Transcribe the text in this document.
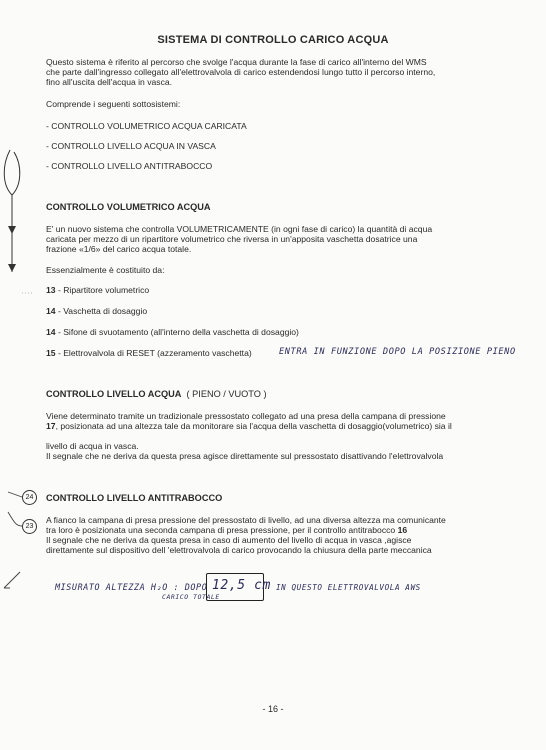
SISTEMA DI CONTROLLO CARICO ACQUA
Questo sistema è riferito al percorso che svolge l'acqua durante la fase di carico all'interno del WMS
che parte dall'ingresso collegato all'elettrovalvola di carico estendendosi lungo tutto il percorso interno,
fino all'uscita dell'acqua in vasca.
Comprende i seguenti sottosistemi:
- CONTROLLO VOLUMETRICO ACQUA CARICATA
- CONTROLLO LIVELLO ACQUA IN VASCA
- CONTROLLO LIVELLO ANTITRABOCCO
CONTROLLO VOLUMETRICO ACQUA
E' un nuovo sistema che controlla VOLUMETRICAMENTE (in ogni fase di carico) la quantità di acqua
caricata per mezzo di un ripartitore volumetrico che riversa in un'apposita vaschetta dosatrice una
frazione «1/6» del carico acqua totale.
Essenzialmente è costituito da:
13 - Ripartitore volumetrico
14 - Vaschetta di dosaggio
14 - Sifone di svuotamento (all'interno della vaschetta di dosaggio)
15 - Elettrovalvola di RESET (azzeramento vaschetta)	ENTRA IN FUNZIONE DOPO LA POSIZIONE PIENO
CONTROLLO LIVELLO ACQUA ( PIENO / VUOTO )
Viene determinato tramite un tradizionale pressostato collegato ad una presa della campana di pressione
17, posizionata ad una altezza tale da monitorare sia l'acqua della vaschetta di dosaggio(volumetrico) sia il
livello di acqua in vasca.
Il segnale che ne deriva da questa presa agisce direttamente sul pressostato disattivando l'elettrovalvola
CONTROLLO LIVELLO ANTITRABOCCO
A fianco la campana di presa pressione del pressostato di livello, ad una diversa altezza ma comunicante
tra loro è posizionata una seconda campana di presa pressione, per il controllo antitrabocco 16
Il segnale che ne deriva da questa presa in caso di aumento del livello di acqua in vasca ,agisce
direttamente sul dispositivo dell 'elettrovalvola di carico provocando la chiusura della parte meccanica
MISURATO ALTEZZA H₂O : DOPO
CARICO TOTALE
12,5 cm IN QUESTO ELETTROVALVOLA AWS
24
23
- 16 -
